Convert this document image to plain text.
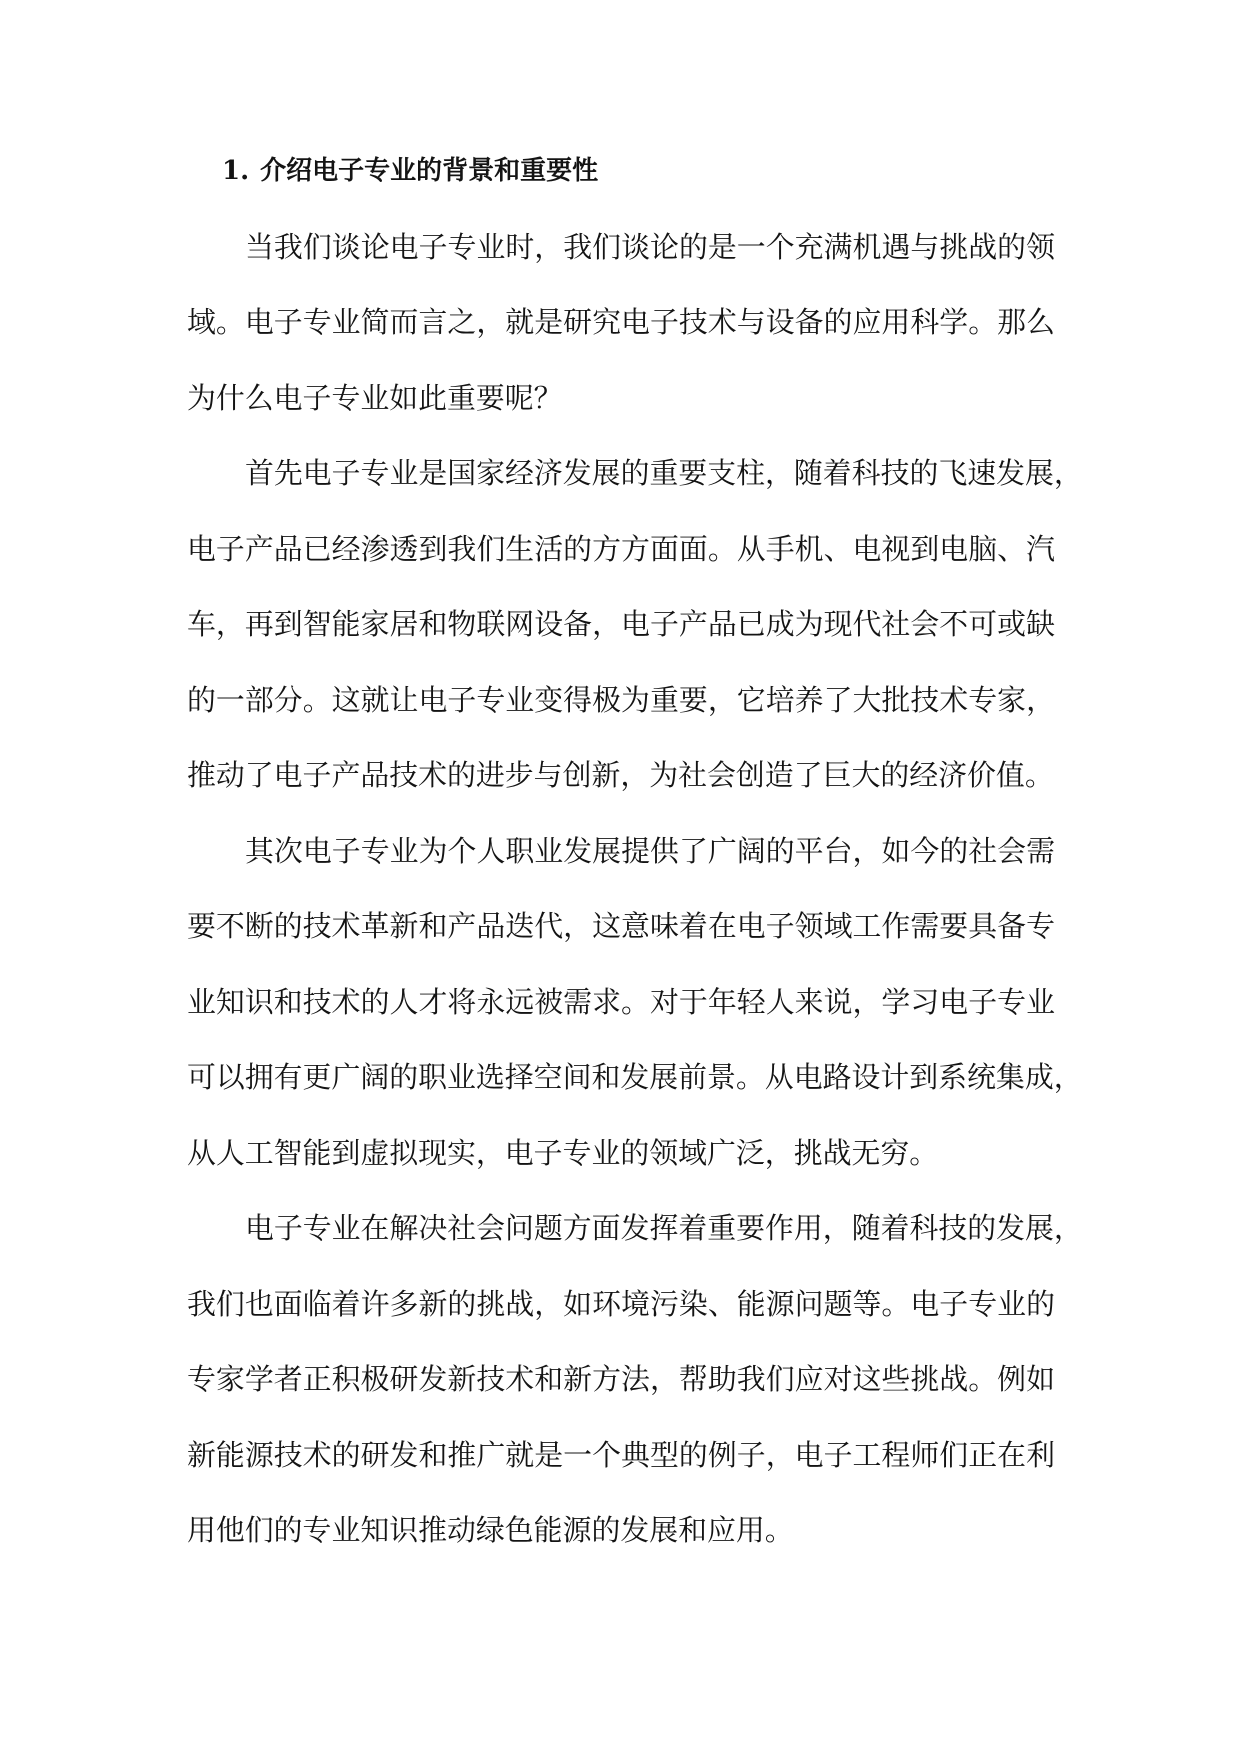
1. 介绍电子专业的背景和重要性
当我们谈论电子专业时，我们谈论的是一个充满机遇与挑战的领
域。电子专业简而言之，就是研究电子技术与设备的应用科学。那么
为什么电子专业如此重要呢？
首先电子专业是国家经济发展的重要支柱，随着科技的飞速发展，
电子产品已经渗透到我们生活的方方面面。从手机、电视到电脑、汽
车，再到智能家居和物联网设备，电子产品已成为现代社会不可或缺
的一部分。这就让电子专业变得极为重要，它培养了大批技术专家，
推动了电子产品技术的进步与创新，为社会创造了巨大的经济价值。
其次电子专业为个人职业发展提供了广阔的平台，如今的社会需
要不断的技术革新和产品迭代，这意味着在电子领域工作需要具备专
业知识和技术的人才将永远被需求。对于年轻人来说，学习电子专业
可以拥有更广阔的职业选择空间和发展前景。从电路设计到系统集成，
从人工智能到虚拟现实，电子专业的领域广泛，挑战无穷。
电子专业在解决社会问题方面发挥着重要作用，随着科技的发展，
我们也面临着许多新的挑战，如环境污染、能源问题等。电子专业的
专家学者正积极研发新技术和新方法，帮助我们应对这些挑战。例如
新能源技术的研发和推广就是一个典型的例子，电子工程师们正在利
用他们的专业知识推动绿色能源的发展和应用。
